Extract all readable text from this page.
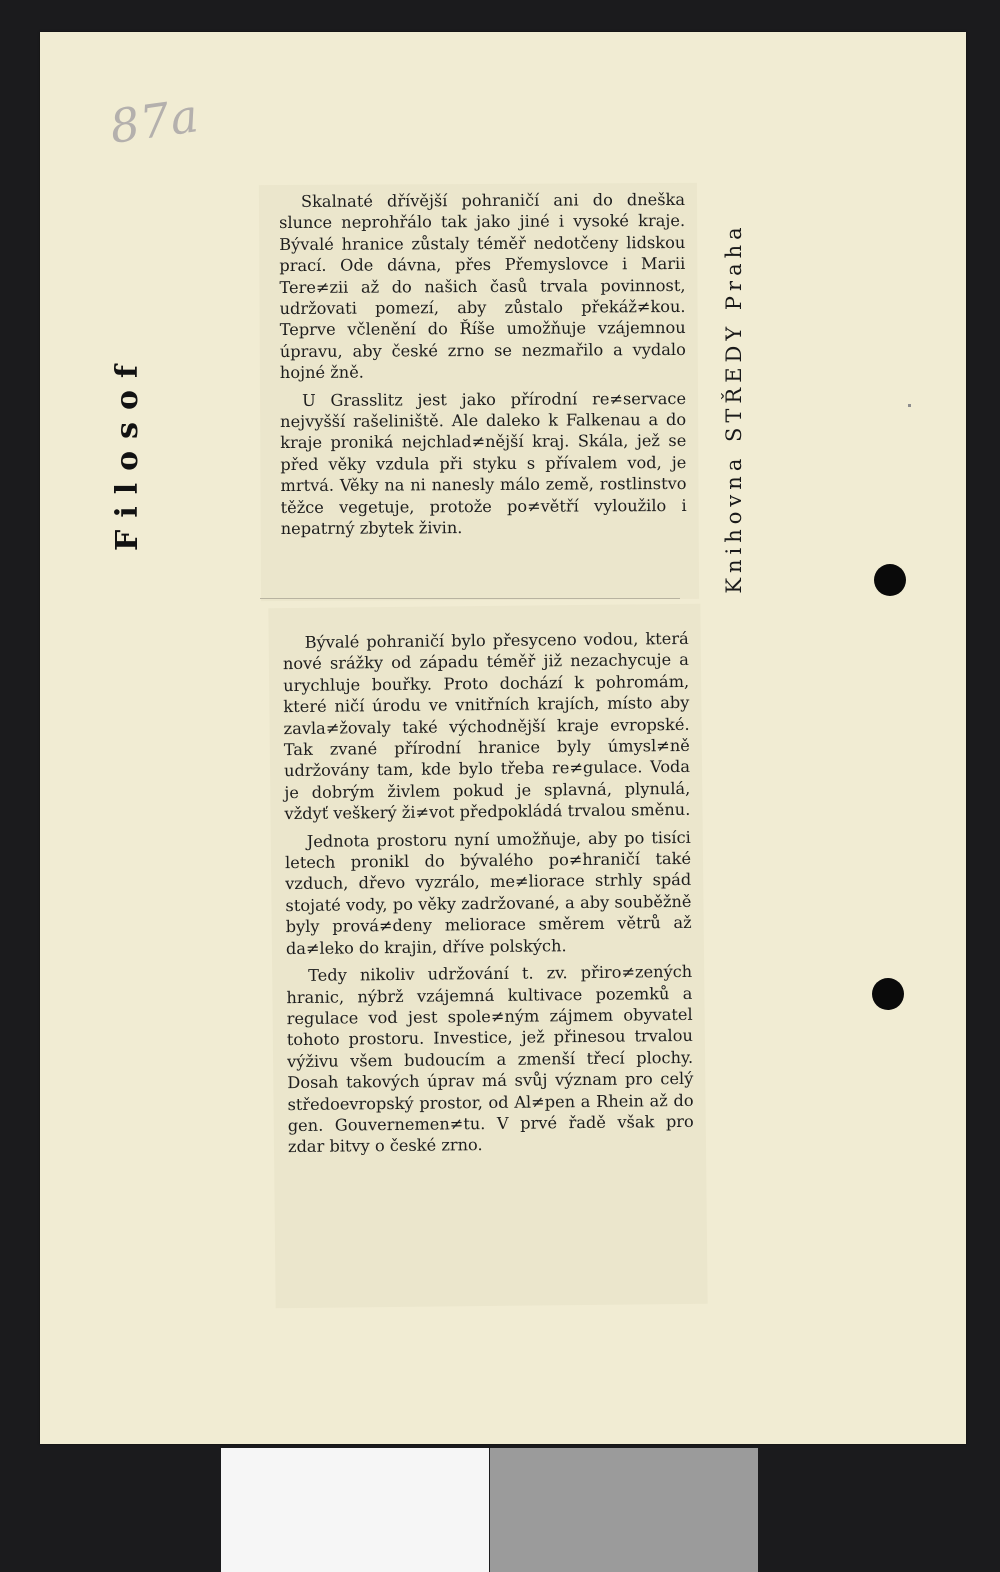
87a
Filosof	Knihovna STŘEDY Praha

Skalnaté dřívější pohraničí ani do dneška slunce neprohřálo tak jako jiné i vysoké kraje. Bývalé hranice zůstaly téměř nedotčeny lidskou prací. Ode dávna, přes Přemyslovce i Marii Tere≠zii až do našich časů trvala povinnost, udržovati pomezí, aby zůstalo překáž≠kou. Teprve včlenění do Říše umožňuje vzájemnou úpravu, aby české zrno se nezmařilo a vydalo hojné žně.

U Grasslitz jest jako přírodní re≠servace nejvyšší rašeliniště. Ale daleko k Falkenau a do kraje proniká nejchlad≠nější kraj. Skála, jež se před věky vzdula při styku s přívalem vod, je mrtvá. Věky na ni nanesly málo země, rostlinstvo těžce vegetuje, protože po≠větří vyloužilo i nepatrný zbytek živin.

Bývalé pohraničí bylo přesyceno vodou, která nové srážky od západu téměř již nezachycuje a urychluje bouřky. Proto dochází k pohromám, které ničí úrodu ve vnitřních krajích, místo aby zavla≠žovaly také východnější kraje evropské. Tak zvané přírodní hranice byly úmysl≠ně udržovány tam, kde bylo třeba re≠gulace. Voda je dobrým živlem pokud je splavná, plynulá, vždyť veškerý ži≠vot předpokládá trvalou směnu.

Jednota prostoru nyní umožňuje, aby po tisíci letech pronikl do bývalého po≠hraničí také vzduch, dřevo vyzrálo, me≠liorace strhly spád stojaté vody, po věky zadržované, a aby souběžně byly prová≠deny meliorace směrem větrů až da≠leko do krajin, dříve polských.

Tedy nikoliv udržování t. zv. přiro≠zených hranic, nýbrž vzájemná kultivace pozemků a regulace vod jest spole≠ným zájmem obyvatel tohoto prostoru. Investice, jež přinesou trvalou výživu všem budoucím a zmenší třecí plochy. Dosah takových úprav má svůj význam pro celý středoevropský prostor, od Al≠pen a Rhein až do gen. Gouvernemen≠tu. V prvé řadě však pro zdar bitvy o české zrno.
